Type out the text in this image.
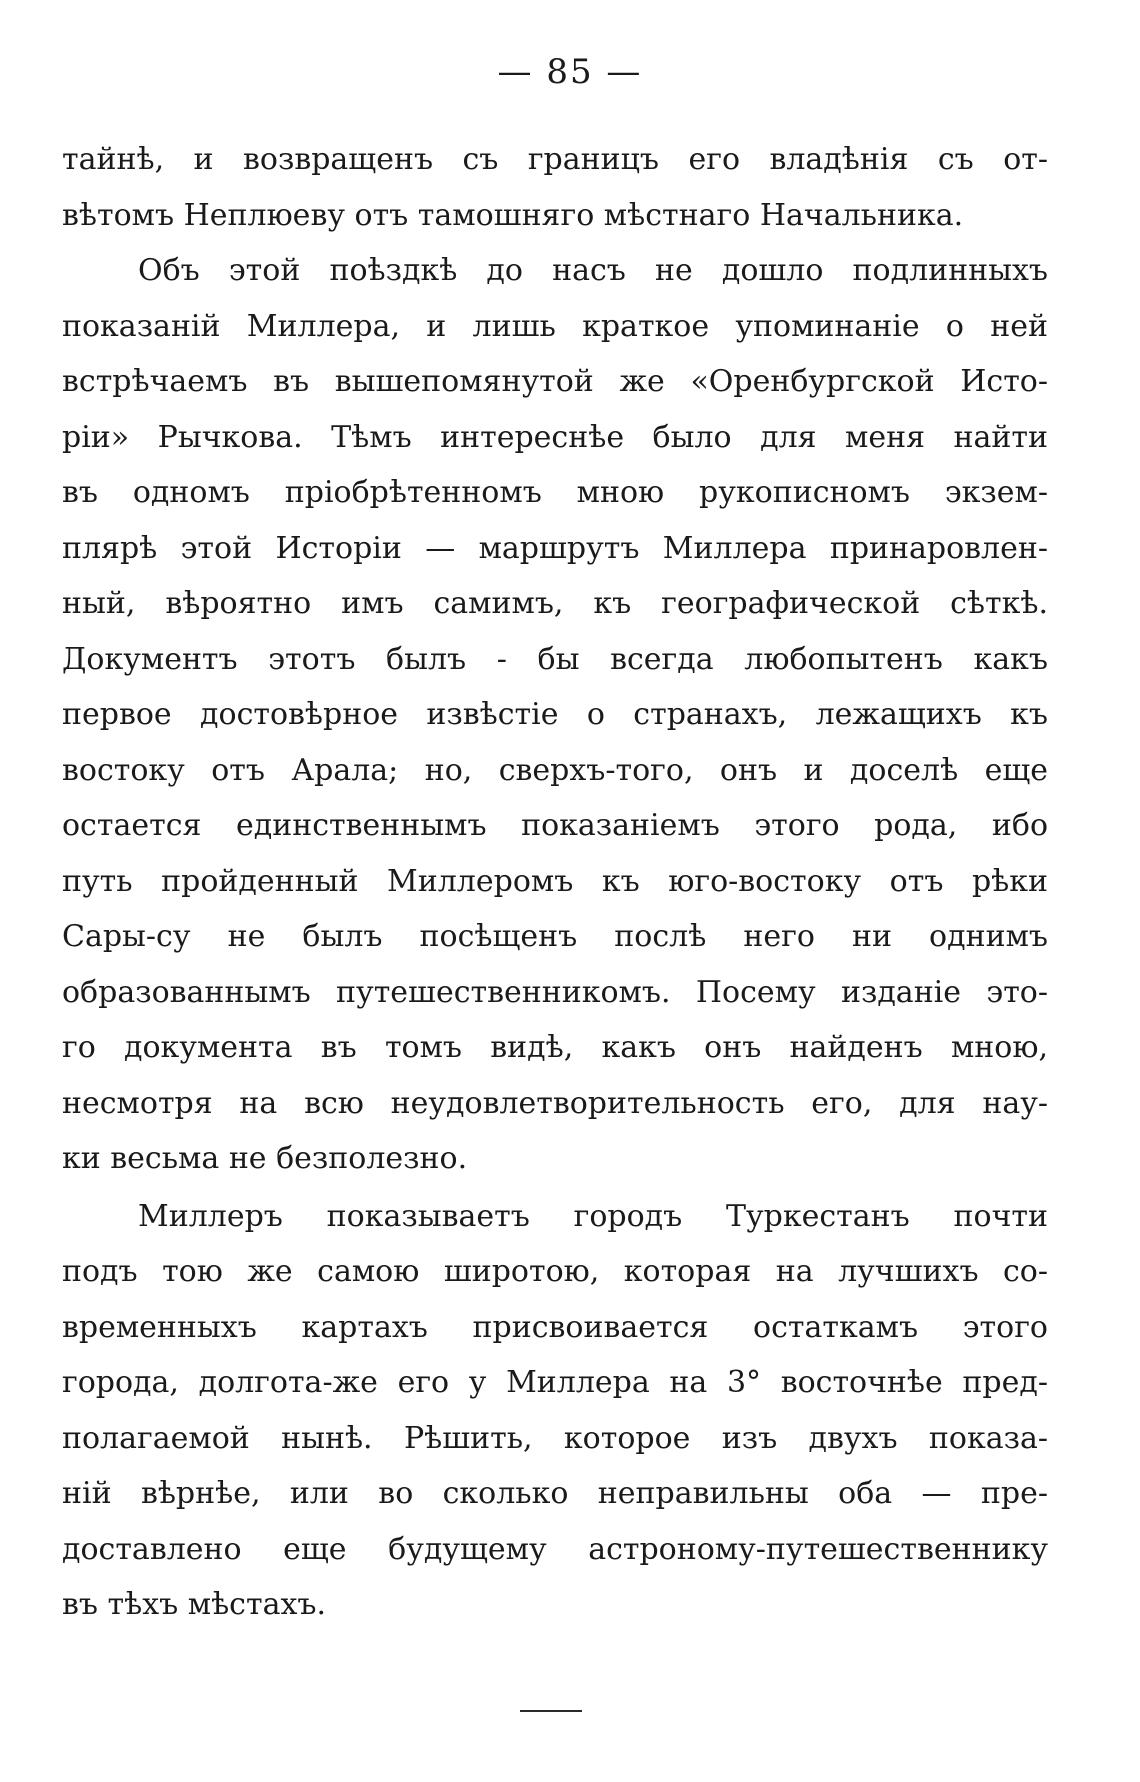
— 85 —
тайнѣ, и возвращенъ съ границъ его владѣнія съ от-
вѣтомъ Неплюеву отъ тамошняго мѣстнаго Начальника.
Объ этой поѣздкѣ до насъ не дошло подлинныхъ
показаній Миллера, и лишь краткое упоминаніе о ней
встрѣчаемъ въ вышепомянутой же «Оренбургской Исто-
ріи» Рычкова. Тѣмъ интереснѣе было для меня найти
въ одномъ пріобрѣтенномъ мною рукописномъ экзем-
плярѣ этой Исторіи — маршрутъ Миллера принаровлен-
ный, вѣроятно имъ самимъ, къ географической сѣткѣ.
Документъ этотъ былъ - бы всегда любопытенъ какъ
первое достовѣрное извѣстіе о странахъ, лежащихъ къ
востоку отъ Арала; но, сверхъ-того, онъ и доселѣ еще
остается единственнымъ показаніемъ этого рода, ибо
путь пройденный Миллеромъ къ юго-востоку отъ рѣки
Сары-су не былъ посѣщенъ послѣ него ни однимъ
образованнымъ путешественникомъ. Посему изданіе это-
го документа въ томъ видѣ, какъ онъ найденъ мною,
несмотря на всю неудовлетворительность его, для нау-
ки весьма не безполезно.
Миллеръ показываетъ городъ Туркестанъ почти
подъ тою же самою широтою, которая на лучшихъ со-
временныхъ картахъ присвоивается остаткамъ этого
города, долгота-же его у Миллера на 3° восточнѣе пред-
полагаемой нынѣ. Рѣшить, которое изъ двухъ показа-
ній вѣрнѣе, или во сколько неправильны оба — пре-
доставлено еще будущему астроному-путешественнику
въ тѣхъ мѣстахъ.
